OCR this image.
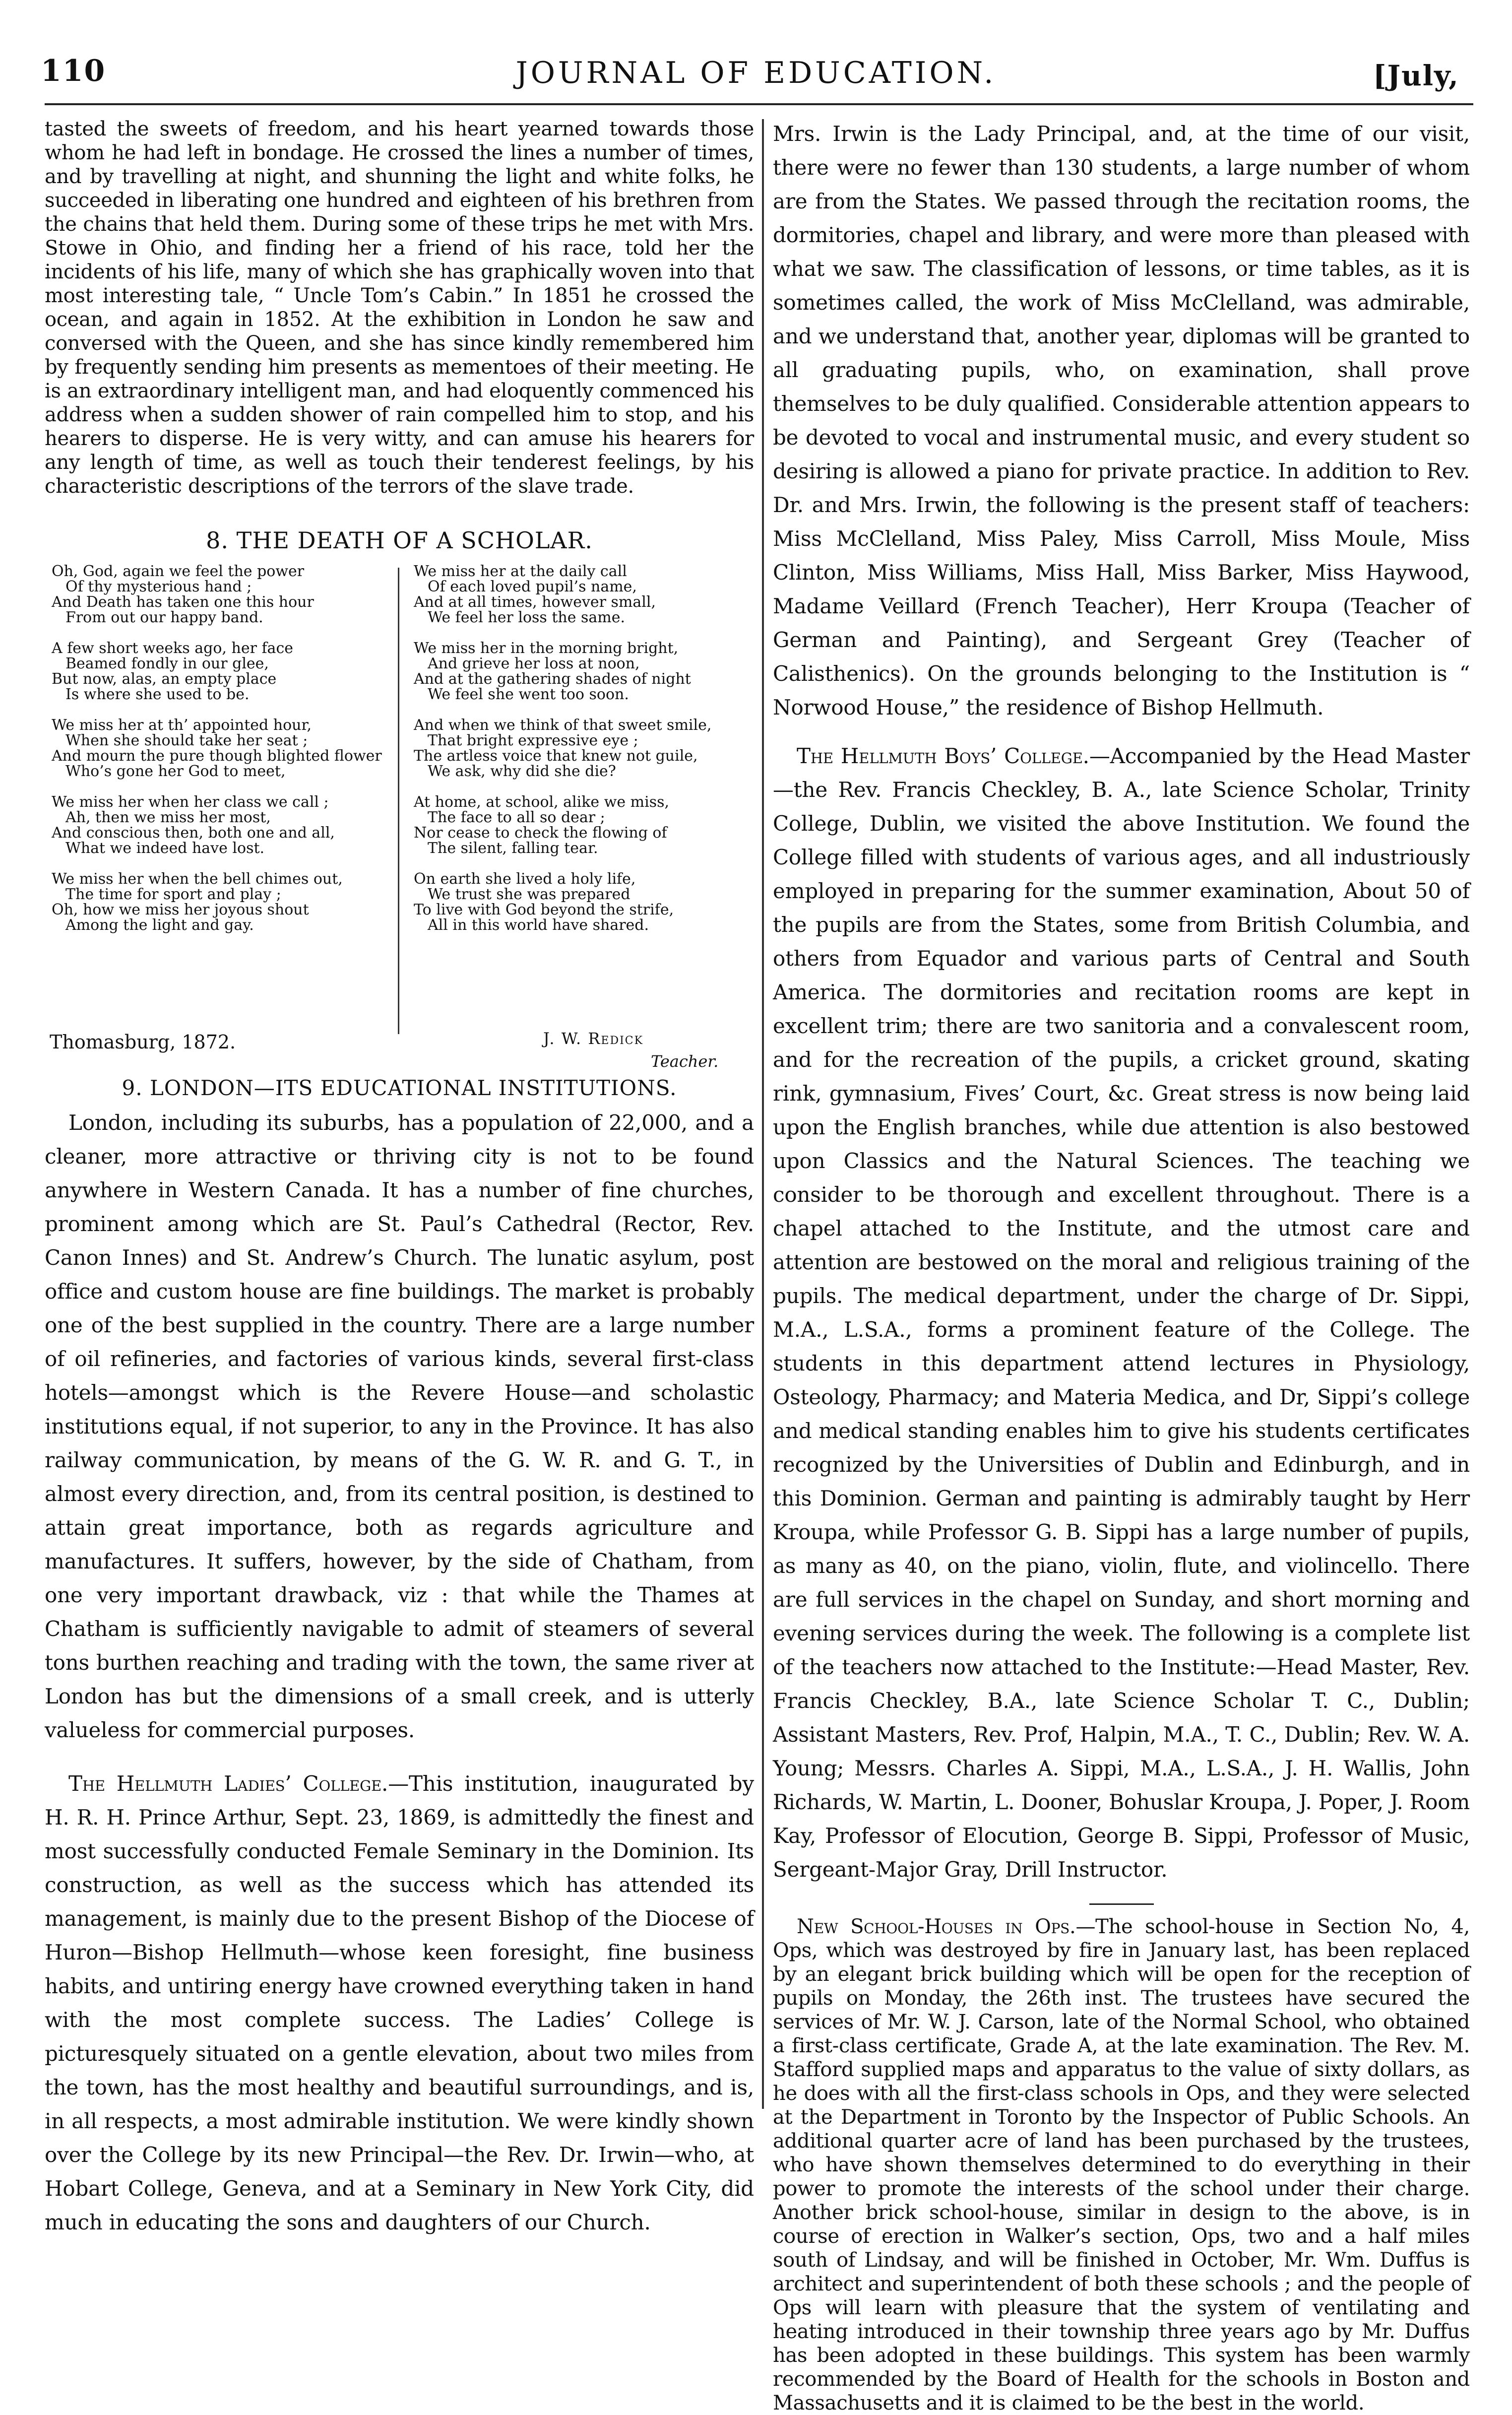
110	JOURNAL OF EDUCATION.	[July,

tasted the sweets of freedom, and his heart yearned towards those whom he had left in bondage. He crossed the lines a number of times, and by travelling at night, and shunning the light and white folks, he succeeded in liberating one hundred and eighteen of his brethren from the chains that held them. During some of these trips he met with Mrs. Stowe in Ohio, and finding her a friend of his race, told her the incidents of his life, many of which she has graphically woven into that most interesting tale, “ Uncle Tom’s Cabin.” In 1851 he crossed the ocean, and again in 1852. At the exhibition in London he saw and conversed with the Queen, and she has since kindly remembered him by frequently sending him presents as mementoes of their meeting. He is an extraordinary intelligent man, and had eloquently commenced his address when a sudden shower of rain compelled him to stop, and his hearers to disperse. He is very witty, and can amuse his hearers for any length of time, as well as touch their tenderest feelings, by his characteristic descriptions of the terrors of the slave trade.

8. THE DEATH OF A SCHOLAR.
Oh, God, again we feel the power
Of thy mysterious hand ;
And Death has taken one this hour
From out our happy band.
A few short weeks ago, her face
Beamed fondly in our glee,
But now, alas, an empty place
Is where she used to be.
We miss her at th’ appointed hour,
When she should take her seat ;
And mourn the pure though blighted flower
Who’s gone her God to meet,
We miss her when her class we call ;
Ah, then we miss her most,
And conscious then, both one and all,
What we indeed have lost.
We miss her when the bell chimes out,
The time for sport and play ;
Oh, how we miss her joyous shout
Among the light and gay.
We miss her at the daily call
Of each loved pupil’s name,
And at all times, however small,
We feel her loss the same.
We miss her in the morning bright,
And grieve her loss at noon,
And at the gathering shades of night
We feel she went too soon.
And when we think of that sweet smile,
That bright expressive eye ;
The artless voice that knew not guile,
We ask, why did she die?
At home, at school, alike we miss,
The face to all so dear ;
Nor cease to check the flowing of
The silent, falling tear.
On earth she lived a holy life,
We trust she was prepared
To live with God beyond the strife,
All in this world have shared.
Thomasburg, 1872.	J. W. Redick
Teacher.
9. LONDON—ITS EDUCATIONAL INSTITUTIONS.

London, including its suburbs, has a population of 22,000, and a cleaner, more attractive or thriving city is not to be found anywhere in Western Canada. It has a number of fine churches, prominent among which are St. Paul’s Cathedral (Rector, Rev. Canon Innes) and St. Andrew’s Church. The lunatic asylum, post office and custom house are fine buildings. The market is probably one of the best supplied in the country. There are a large number of oil refineries, and factories of various kinds, several first-class hotels—amongst which is the Revere House—and scholastic institutions equal, if not superior, to any in the Province. It has also railway communication, by means of the G. W. R. and G. T., in almost every direction, and, from its central position, is destined to attain great importance, both as regards agriculture and manufactures. It suffers, however, by the side of Chatham, from one very important drawback, viz : that while the Thames at Chatham is sufficiently navigable to admit of steamers of several tons burthen reaching and trading with the town, the same river at London has but the dimensions of a small creek, and is utterly valueless for commercial purposes.

The Hellmuth Ladies’ College.—This institution, inaugurated by H. R. H. Prince Arthur, Sept. 23, 1869, is admittedly the finest and most successfully conducted Female Seminary in the Dominion. Its construction, as well as the success which has attended its management, is mainly due to the present Bishop of the Diocese of Huron—Bishop Hellmuth—whose keen foresight, fine business habits, and untiring energy have crowned everything taken in hand with the most complete success. The Ladies’ College is picturesquely situated on a gentle elevation, about two miles from the town, has the most healthy and beautiful surroundings, and is, in all respects, a most admirable institution. We were kindly shown over the College by its new Principal—the Rev. Dr. Irwin—who, at Hobart College, Geneva, and at a Seminary in New York City, did much in educating the sons and daughters of our Church.

Mrs. Irwin is the Lady Principal, and, at the time of our visit, there were no fewer than 130 students, a large number of whom are from the States. We passed through the recitation rooms, the dormitories, chapel and library, and were more than pleased with what we saw. The classification of lessons, or time tables, as it is sometimes called, the work of Miss McClelland, was admirable, and we understand that, another year, diplomas will be granted to all graduating pupils, who, on examination, shall prove themselves to be duly qualified. Considerable attention appears to be devoted to vocal and instrumental music, and every student so desiring is allowed a piano for private practice. In addition to Rev. Dr. and Mrs. Irwin, the following is the present staff of teachers: Miss McClelland, Miss Paley, Miss Carroll, Miss Moule, Miss Clinton, Miss Williams, Miss Hall, Miss Barker, Miss Haywood, Madame Veillard (French Teacher), Herr Kroupa (Teacher of German and Painting), and Sergeant Grey (Teacher of Calisthenics). On the grounds belonging to the Institution is “ Norwood House,” the residence of Bishop Hellmuth.

The Hellmuth Boys’ College.—Accompanied by the Head Master —the Rev. Francis Checkley, B. A., late Science Scholar, Trinity College, Dublin, we visited the above Institution. We found the College filled with students of various ages, and all industriously employed in preparing for the summer examination, About 50 of the pupils are from the States, some from British Columbia, and others from Equador and various parts of Central and South America. The dormitories and recitation rooms are kept in excellent trim; there are two sanitoria and a convalescent room, and for the recreation of the pupils, a cricket ground, skating rink, gymnasium, Fives’ Court, &c. Great stress is now being laid upon the English branches, while due attention is also bestowed upon Classics and the Natural Sciences. The teaching we consider to be thorough and excellent throughout. There is a chapel attached to the Institute, and the utmost care and attention are bestowed on the moral and religious training of the pupils. The medical department, under the charge of Dr. Sippi, M.A., L.S.A., forms a prominent feature of the College. The students in this department attend lectures in Physiology, Osteology, Pharmacy; and Materia Medica, and Dr, Sippi’s college and medical standing enables him to give his students certificates recognized by the Universities of Dublin and Edinburgh, and in this Dominion. German and painting is admirably taught by Herr Kroupa, while Professor G. B. Sippi has a large number of pupils, as many as 40, on the piano, violin, flute, and violincello. There are full services in the chapel on Sunday, and short morning and evening services during the week. The following is a complete list of the teachers now attached to the Institute:—Head Master, Rev. Francis Checkley, B.A., late Science Scholar T. C., Dublin; Assistant Masters, Rev. Prof, Halpin, M.A., T. C., Dublin; Rev. W. A. Young; Messrs. Charles A. Sippi, M.A., L.S.A., J. H. Wallis, John Richards, W. Martin, L. Dooner, Bohuslar Kroupa, J. Poper, J. Room Kay, Professor of Elocution, George B. Sippi, Professor of Music, Sergeant-Major Gray, Drill Instructor.

New School-Houses in Ops.—The school-house in Section No, 4, Ops, which was destroyed by fire in January last, has been replaced by an elegant brick building which will be open for the reception of pupils on Monday, the 26th inst. The trustees have secured the services of Mr. W. J. Carson, late of the Normal School, who obtained a first-class certificate, Grade A, at the late examination. The Rev. M. Stafford supplied maps and apparatus to the value of sixty dollars, as he does with all the first-class schools in Ops, and they were selected at the Department in Toronto by the Inspector of Public Schools. An additional quarter acre of land has been purchased by the trustees, who have shown themselves determined to do everything in their power to promote the interests of the school under their charge. Another brick school-house, similar in design to the above, is in course of erection in Walker’s section, Ops, two and a half miles south of Lindsay, and will be finished in October, Mr. Wm. Duffus is architect and superintendent of both these schools ; and the people of Ops will learn with pleasure that the system of ventilating and heating introduced in their township three years ago by Mr. Duffus has been adopted in these buildings. This system has been warmly recommended by the Board of Health for the schools in Boston and Massachusetts and it is claimed to be the best in the world.
